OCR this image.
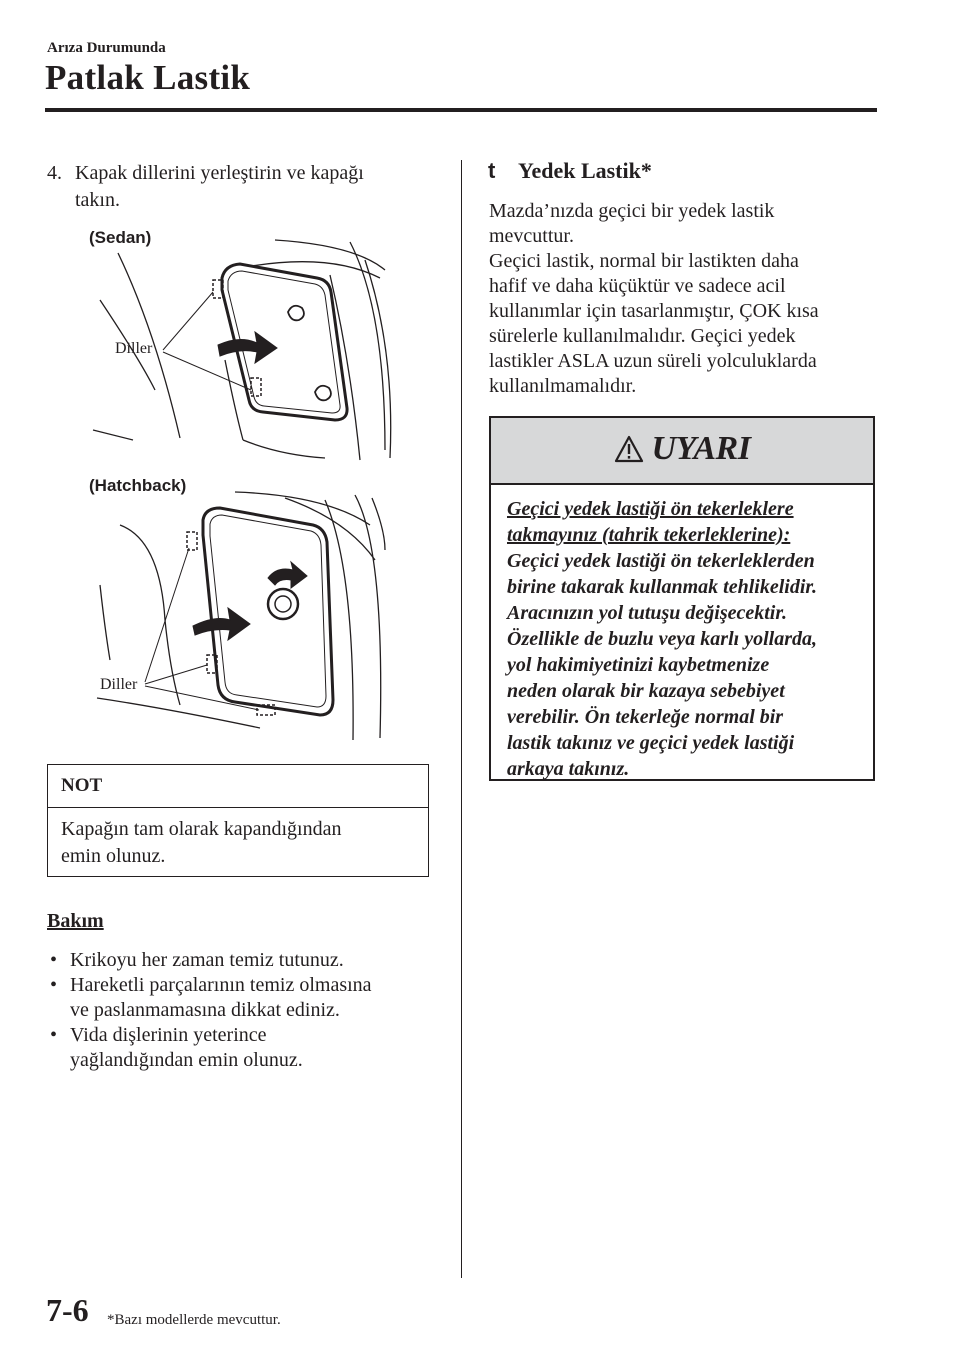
Arıza Durumunda
Patlak Lastik
4. Kapak dillerini yerleştirin ve kapağı
takın.
(Sedan)
Diller
(Hatchback)
Diller
NOT
Kapağın tam olarak kapandığından
emin olunuz.
Bakım
• Krikoyu her zaman temiz tutunuz.
• Hareketli parçalarının temiz olmasına
ve paslanmamasına dikkat ediniz.
• Vida dişlerinin yeterince
yağlandığından emin olunuz.
t Yedek Lastik*
Mazda’nızda geçici bir yedek lastik
mevcuttur.
Geçici lastik, normal bir lastikten daha
hafif ve daha küçüktür ve sadece acil
kullanımlar için tasarlanmıştır, ÇOK kısa
sürelerle kullanılmalıdır. Geçici yedek
lastikler ASLA uzun süreli yolculuklarda
kullanılmamalıdır.
UYARI
Geçici yedek lastiği ön tekerleklere
takmayınız (tahrik tekerleklerine):
Geçici yedek lastiği ön tekerleklerden
birine takarak kullanmak tehlikelidir.
Aracınızın yol tutuşu değişecektir.
Özellikle de buzlu veya karlı yollarda,
yol hakimiyetinizi kaybetmenize
neden olarak bir kazaya sebebiyet
verebilir. Ön tekerleğe normal bir
lastik takınız ve geçici yedek lastiği
arkaya takınız.
7-6 *Bazı modellerde mevcuttur.
